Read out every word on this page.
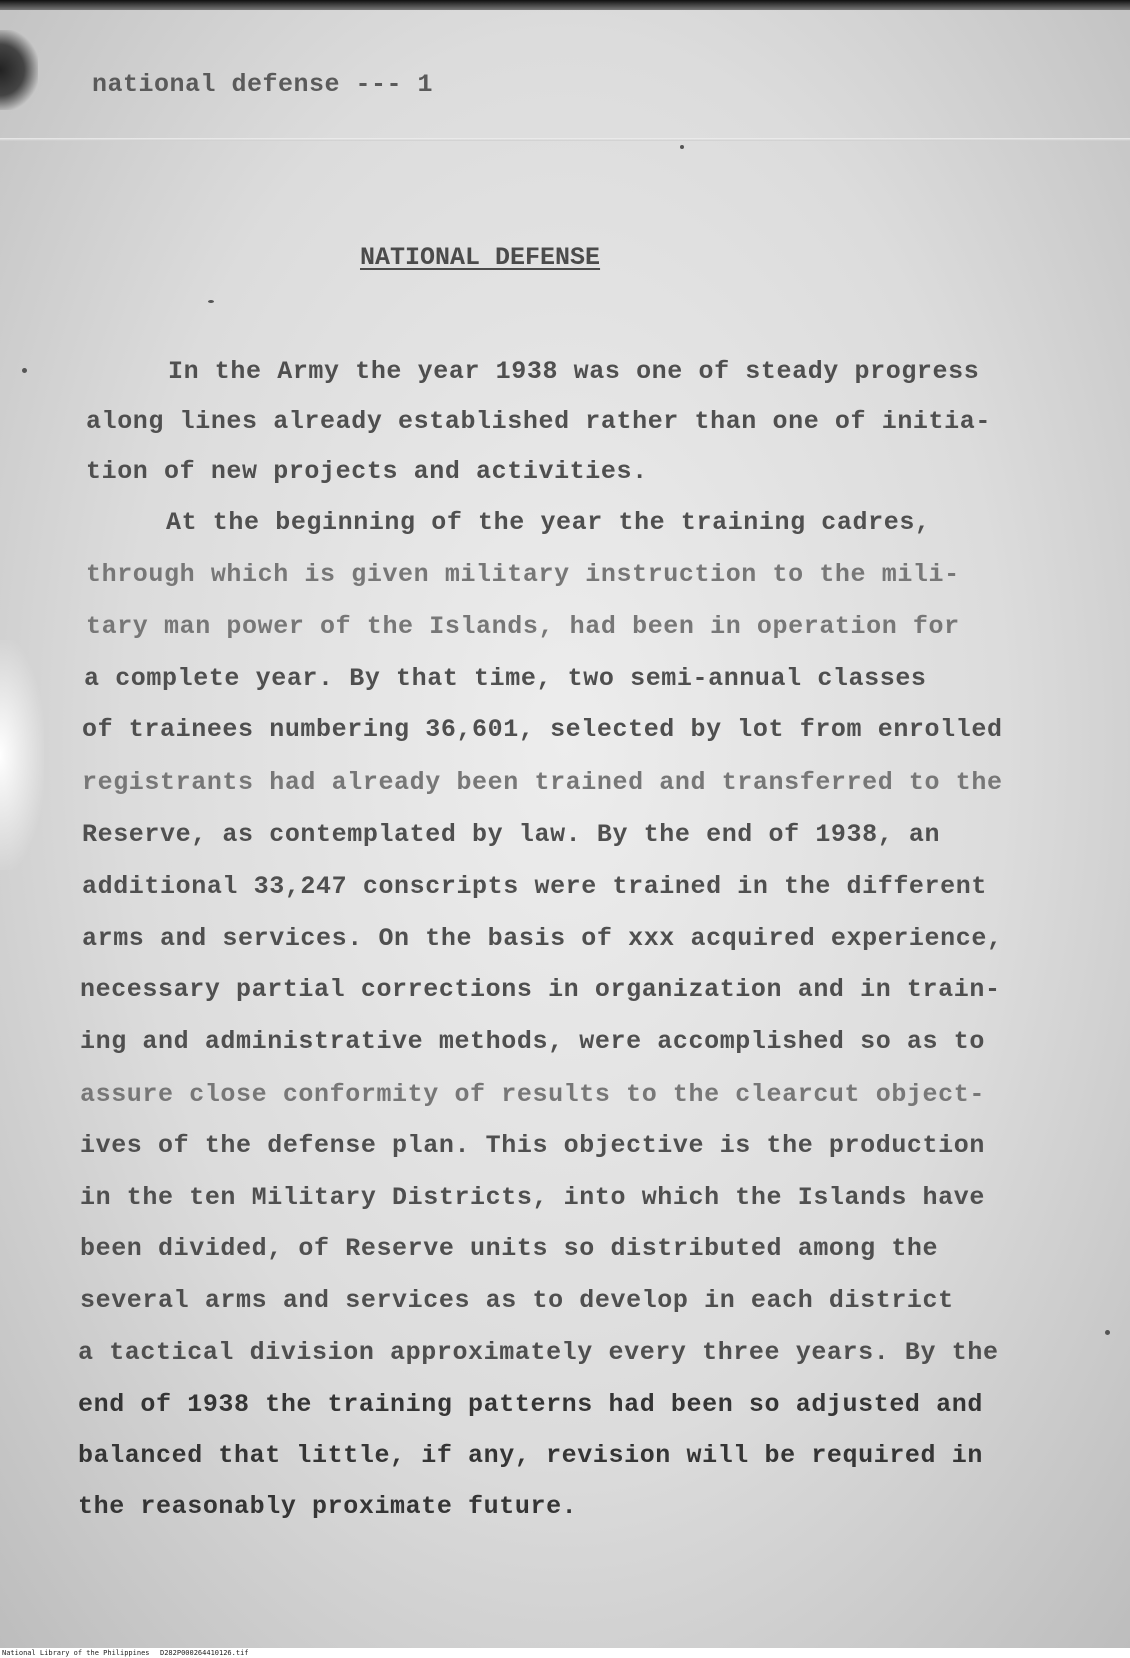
national defense --- 1
NATIONAL DEFENSE
In the Army the year 1938 was one of steady progress
along lines already established rather than one of initia-
tion of new projects and activities.
At the beginning of the year the training cadres,
through which is given military instruction to the mili-
tary man power of the Islands, had been in operation for
a complete year. By that time, two semi-annual classes
of trainees numbering 36,601, selected by lot from enrolled
registrants had already been trained and transferred to the
Reserve, as contemplated by law. By the end of 1938, an
additional 33,247 conscripts were trained in the different
arms and services. On the basis of xxx acquired experience,
necessary partial corrections in organization and in train-
ing and administrative methods, were accomplished so as to
assure close conformity of results to the clearcut object-
ives of the defense plan. This objective is the production
in the ten Military Districts, into which the Islands have
been divided, of Reserve units so distributed among the
several arms and services as to develop in each district
a tactical division approximately every three years. By the
end of 1938 the training patterns had been so adjusted and
balanced that little, if any, revision will be required in
the reasonably proximate future.
National Library of the Philippines D282P000264410126.tif
